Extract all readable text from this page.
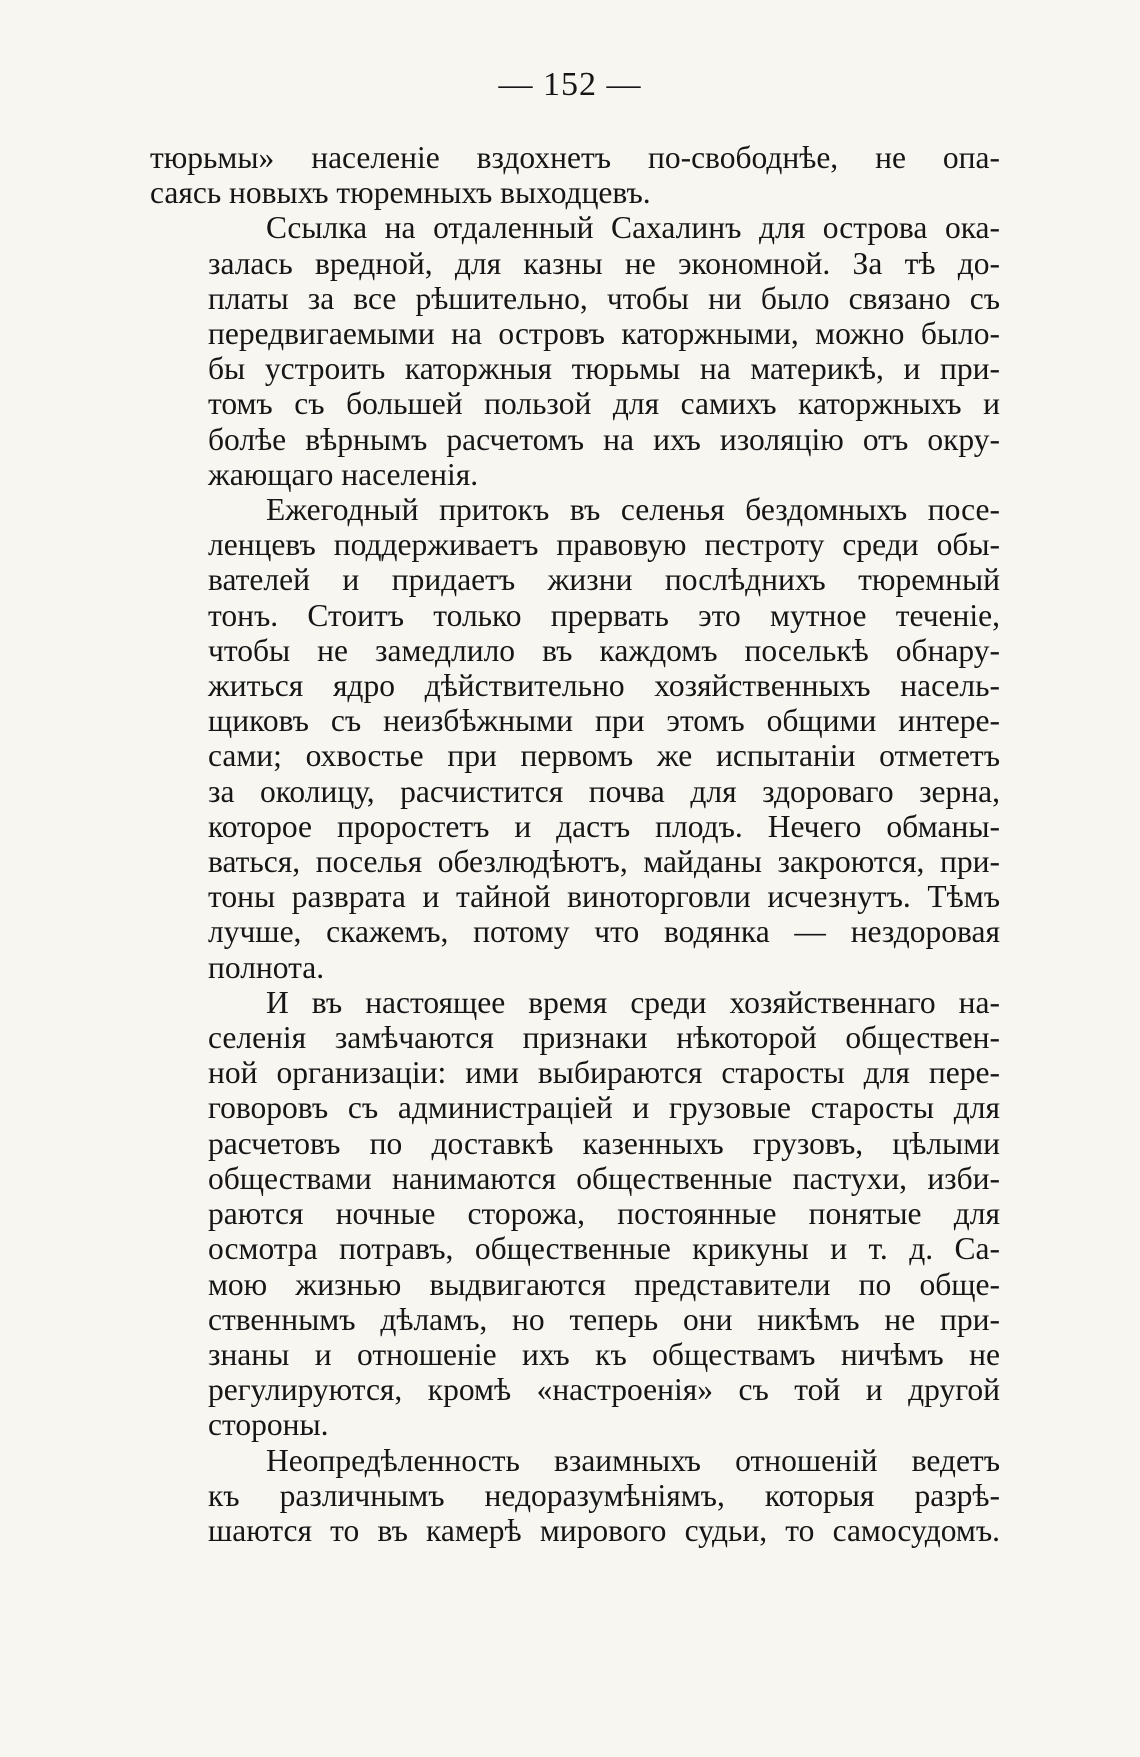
— 152 —
тюрьмы» населеніе вздохнетъ по-свободнѣе, не опа-
саясь новыхъ тюремныхъ выходцевъ.
Ссылка на отдаленный Сахалинъ для острова ока-
залась вредной, для казны не экономной. За тѣ до-
платы за все рѣшительно, чтобы ни было связано съ
передвигаемыми на островъ каторжными, можно было-
бы устроить каторжныя тюрьмы на материкѣ, и при-
томъ съ большей пользой для самихъ каторжныхъ и
болѣе вѣрнымъ расчетомъ на ихъ изоляцію отъ окру-
жающаго населенія.
Ежегодный притокъ въ селенья бездомныхъ посе-
ленцевъ поддерживаетъ правовую пестроту среди обы-
вателей и придаетъ жизни послѣднихъ тюремный
тонъ. Стоитъ только прервать это мутное теченіе,
чтобы не замедлило въ каждомъ поселькѣ обнару-
житься ядро дѣйствительно хозяйственныхъ насель-
щиковъ съ неизбѣжными при этомъ общими интере-
сами; охвостье при первомъ же испытаніи отмететъ
за околицу, расчистится почва для здороваго зерна,
которое проростетъ и дастъ плодъ. Нечего обманы-
ваться, поселья обезлюдѣютъ, майданы закроются, при-
тоны разврата и тайной виноторговли исчезнутъ. Тѣмъ
лучше, скажемъ, потому что водянка — нездоровая
полнота.
И въ настоящее время среди хозяйственнаго на-
селенія замѣчаются признаки нѣкоторой обществен-
ной организаціи: ими выбираются старосты для пере-
говоровъ съ администраціей и грузовые старосты для
расчетовъ по доставкѣ казенныхъ грузовъ, цѣлыми
обществами нанимаются общественные пастухи, изби-
раются ночные сторожа, постоянные понятые для
осмотра потравъ, общественные крикуны и т. д. Са-
мою жизнью выдвигаются представители по обще-
ственнымъ дѣламъ, но теперь они никѣмъ не при-
знаны и отношеніе ихъ къ обществамъ ничѣмъ не
регулируются, кромѣ «настроенія» съ той и другой
стороны.
Неопредѣленность взаимныхъ отношеній ведетъ
къ различнымъ недоразумѣніямъ, которыя разрѣ-
шаются то въ камерѣ мирового судьи, то самосудомъ.
